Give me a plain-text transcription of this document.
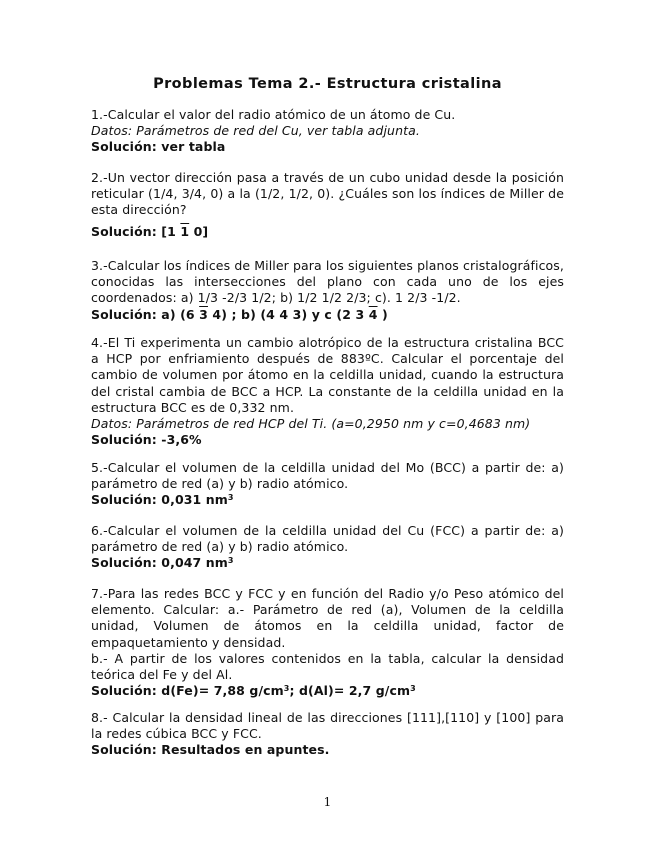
Problemas Tema 2.- Estructura cristalina
1.-Calcular el valor del radio atómico de un átomo de Cu.
Datos: Parámetros de red del Cu, ver tabla adjunta.
Solución: ver tabla
2.-Un vector dirección pasa a través de un cubo unidad desde la posición reticular (1/4, 3/4, 0) a la (1/2, 1/2, 0). ¿Cuáles son los índices de Miller de esta dirección?
Solución: [1 1 0]
3.-Calcular los índices de Miller para los siguientes planos cristalográficos, conocidas las intersecciones del plano con cada uno de los ejes coordenados: a) 1/3 -2/3 1/2; b) 1/2 1/2 2/3; c). 1 2/3 -1/2.
Solución: a) (6 3 4) ; b) (4 4 3) y c (2 3 4 )
4.-El Ti experimenta un cambio alotrópico de la estructura cristalina BCC a HCP por enfriamiento después de 883ºC. Calcular el porcentaje del cambio de volumen por átomo en la celdilla unidad, cuando la estructura del cristal cambia de BCC a HCP. La constante de la celdilla unidad en la estructura BCC es de 0,332 nm.
Datos: Parámetros de red HCP del Ti. (a=0,2950 nm y c=0,4683 nm)
Solución: -3,6%
5.-Calcular el volumen de la celdilla unidad del Mo (BCC) a partir de: a) parámetro de red (a) y b) radio atómico.
Solución: 0,031 $nm^3$
6.-Calcular el volumen de la celdilla unidad del Cu (FCC) a partir de: a) parámetro de red (a) y b) radio atómico.
Solución: 0,047 $nm^3$
7.-Para las redes BCC y FCC y en función del Radio y/o Peso atómico del elemento. Calcular: a.- Parámetro de red (a), Volumen de la celdilla unidad, Volumen de átomos en la celdilla unidad, factor de empaquetamiento y densidad.
b.- A partir de los valores contenidos en la tabla, calcular la densidad teórica del Fe y del Al.
Solución: d(Fe)= 7,88 $g/cm^3$; d(Al)= 2,7 $g/cm^3$
8.- Calcular la densidad lineal de las direcciones [111],[110] y [100] para la redes cúbica BCC y FCC.
Solución: Resultados en apuntes.
1
